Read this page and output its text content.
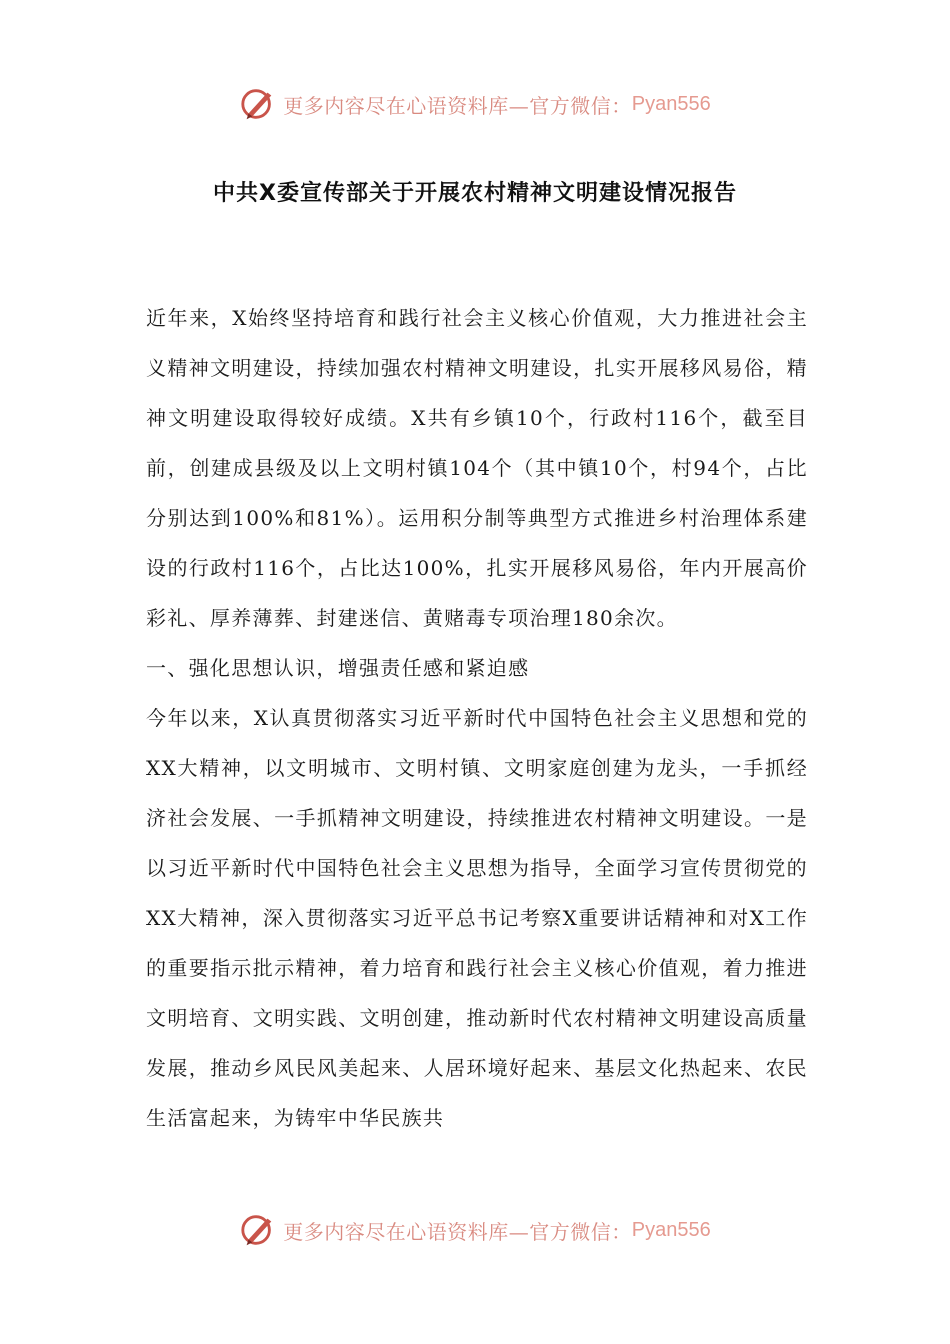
更多内容尽在心语资料库—官方微信： Pyan556
中共X委宣传部关于开展农村精神文明建设情况报告

近年来，X始终坚持培育和践行社会主义核心价值观，大力推进社会主义精神文明建设，持续加强农村精神文明建设，扎实开展移风易俗，精神文明建设取得较好成绩。X共有乡镇10个，行政村116个，截至目前，创建成县级及以上文明村镇104个（其中镇10个，村94个，占比分别达到100%和81%）。运用积分制等典型方式推进乡村治理体系建设的行政村116个，占比达100%，扎实开展移风易俗，年内开展高价彩礼、厚养薄葬、封建迷信、黄赌毒专项治理180余次。

一、强化思想认识，增强责任感和紧迫感

今年以来，X认真贯彻落实习近平新时代中国特色社会主义思想和党的XX大精神，以文明城市、文明村镇、文明家庭创建为龙头，一手抓经济社会发展、一手抓精神文明建设，持续推进农村精神文明建设。一是以习近平新时代中国特色社会主义思想为指导，全面学习宣传贯彻党的XX大精神，深入贯彻落实习近平总书记考察X重要讲话精神和对X工作的重要指示批示精神，着力培育和践行社会主义核心价值观，着力推进文明培育、文明实践、文明创建，推动新时代农村精神文明建设高质量发展，推动乡风民风美起来、人居环境好起来、基层文化热起来、农民生活富起来，为铸牢中华民族共

更多内容尽在心语资料库—官方微信： Pyan556
